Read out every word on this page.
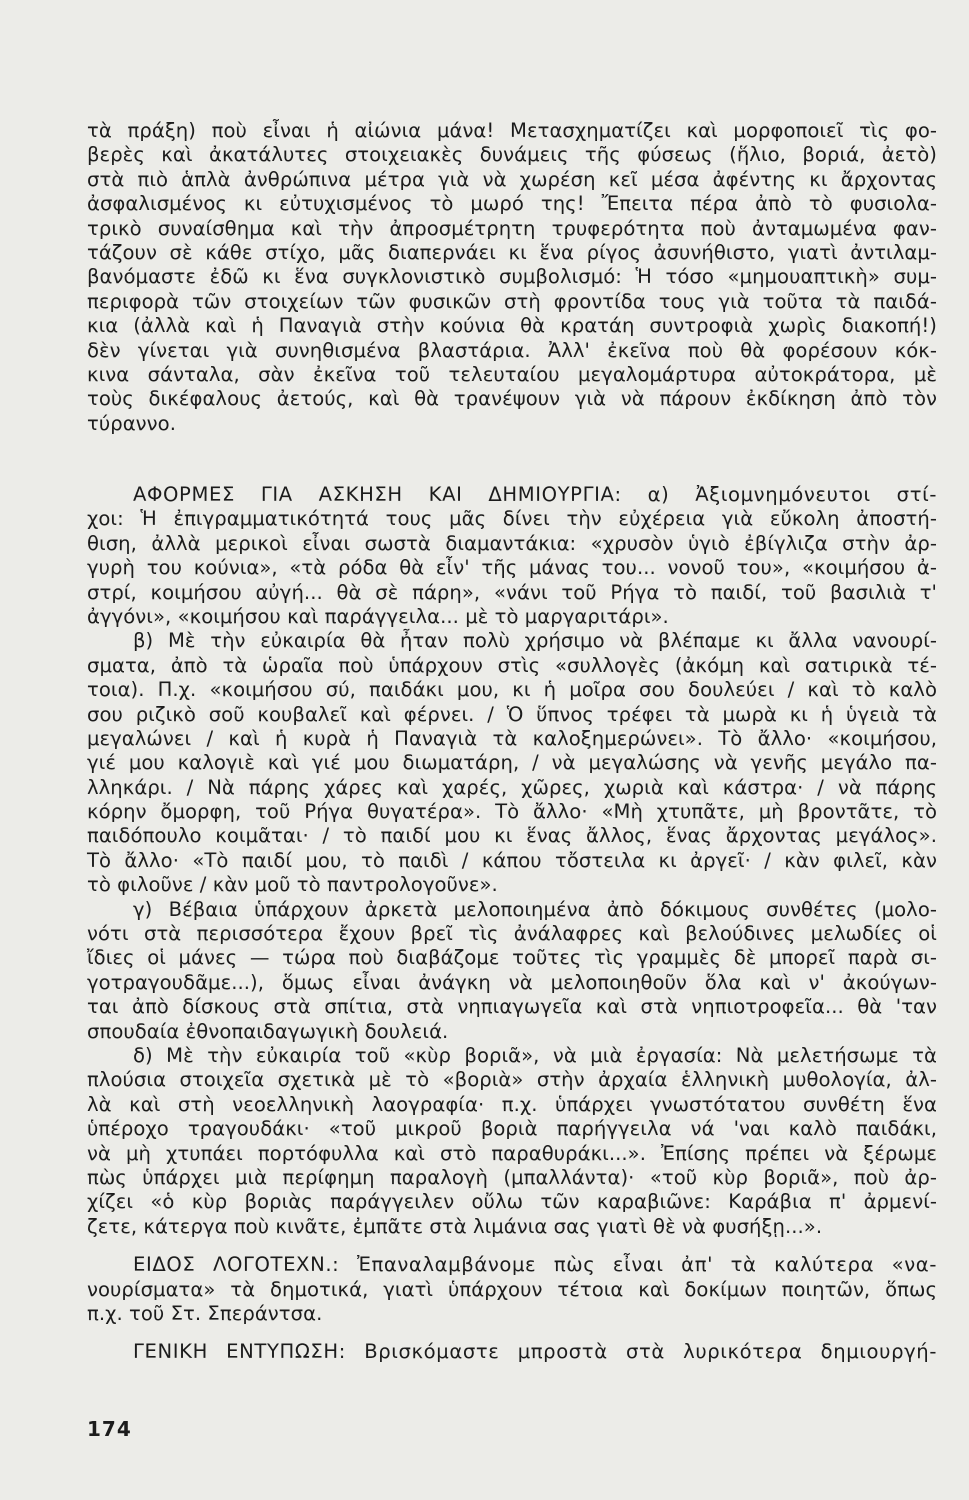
τὰ πράξη) ποὺ εἶναι ἡ αἰώνια μάνα! Μετασχηματίζει καὶ μορφοποιεῖ τὶς φο-
βερὲς καὶ ἀκατάλυτες στοιχειακὲς δυνάμεις τῆς φύσεως (ἥλιο, βοριά, ἀετὸ)
στὰ πιὸ ἁπλὰ ἀνθρώπινα μέτρα γιὰ νὰ χωρέση κεῖ μέσα ἀφέντης κι ἄρχοντας
ἀσφαλισμένος κι εὐτυχισμένος τὸ μωρό της! Ἔπειτα πέρα ἀπὸ τὸ φυσιολα-
τρικὸ συναίσθημα καὶ τὴν ἀπροσμέτρητη τρυφερότητα ποὺ ἀνταμωμένα φαν-
τάζουν σὲ κάθε στίχο, μᾶς διαπερνάει κι ἕνα ρίγος ἀσυνήθιστο, γιατὶ ἀντιλαμ-
βανόμαστε ἐδῶ κι ἕνα συγκλονιστικὸ συμβολισμό: Ἡ τόσο «μημουαπτικὴ» συμ-
περιφορὰ τῶν στοιχείων τῶν φυσικῶν στὴ φροντίδα τους γιὰ τοῦτα τὰ παιδά-
κια (ἀλλὰ καὶ ἡ Παναγιὰ στὴν κούνια θὰ κρατάη συντροφιὰ χωρὶς διακοπή!)
δὲν γίνεται γιὰ συνηθισμένα βλαστάρια. Ἀλλ' ἐκεῖνα ποὺ θὰ φορέσουν κόκ-
κινα σάνταλα, σὰν ἐκεῖνα τοῦ τελευταίου μεγαλομάρτυρα αὐτοκράτορα, μὲ
τοὺς δικέφαλους ἀετούς, καὶ θὰ τρανέψουν γιὰ νὰ πάρουν ἐκδίκηση ἀπὸ τὸν
τύραννο.
ΑΦΟΡΜΕΣ ΓΙΑ ΑΣΚΗΣΗ ΚΑΙ ΔΗΜΙΟΥΡΓΙΑ: α) Ἀξιομνημόνευτοι στί-
χοι: Ἡ ἐπιγραμματικότητά τους μᾶς δίνει τὴν εὐχέρεια γιὰ εὔκολη ἀποστή-
θιση, ἀλλὰ μερικοὶ εἶναι σωστὰ διαμαντάκια: «χρυσὸν ὑγιὸ ἐβίγλιζα στὴν ἀρ-
γυρὴ του κούνια», «τὰ ρόδα θὰ εἶν' τῆς μάνας του... νονοῦ του», «κοιμήσου ἀ-
στρί, κοιμήσου αὐγή... θὰ σὲ πάρη», «νάνι τοῦ Ρήγα τὸ παιδί, τοῦ βασιλιὰ τ'
ἀγγόνι», «κοιμήσου καὶ παράγγειλα... μὲ τὸ μαργαριτάρι».
β) Μὲ τὴν εὐκαιρία θὰ ἦταν πολὺ χρήσιμο νὰ βλέπαμε κι ἄλλα νανουρί-
σματα, ἀπὸ τὰ ὡραῖα ποὺ ὑπάρχουν στὶς «συλλογὲς (ἀκόμη καὶ σατιρικὰ τέ-
τοια). Π.χ. «κοιμήσου σύ, παιδάκι μου, κι ἡ μοῖρα σου δουλεύει / καὶ τὸ καλὸ
σου ριζικὸ σοῦ κουβαλεῖ καὶ φέρνει. / Ὁ ὕπνος τρέφει τὰ μωρὰ κι ἡ ὑγειὰ τὰ
μεγαλώνει / καὶ ἡ κυρὰ ἡ Παναγιὰ τὰ καλοξημερώνει». Τὸ ἄλλο· «κοιμήσου,
γιέ μου καλογιὲ καὶ γιέ μου διωματάρη, / νὰ μεγαλώσης νὰ γενῆς μεγάλο πα-
λληκάρι. / Νὰ πάρης χάρες καὶ χαρές, χῶρες, χωριὰ καὶ κάστρα· / νὰ πάρης
κόρην ὄμορφη, τοῦ Ρήγα θυγατέρα». Τὸ ἄλλο· «Μὴ χτυπᾶτε, μὴ βροντᾶτε, τὸ
παιδόπουλο κοιμᾶται· / τὸ παιδί μου κι ἕνας ἄλλος, ἕνας ἄρχοντας μεγάλος».
Τὸ ἄλλο· «Τὸ παιδί μου, τὸ παιδὶ / κάπου τὄστειλα κι ἀργεῖ· / κὰν φιλεῖ, κὰν
τὸ φιλοῦνε / κὰν μοῦ τὸ παντρολογοῦνε».
γ) Βέβαια ὑπάρχουν ἀρκετὰ μελοποιημένα ἀπὸ δόκιμους συνθέτες (μολο-
νότι στὰ περισσότερα ἔχουν βρεῖ τὶς ἀνάλαφρες καὶ βελούδινες μελωδίες οἱ
ἴδιες οἱ μάνες — τώρα ποὺ διαβάζομε τοῦτες τὶς γραμμὲς δὲ μπορεῖ παρὰ σι-
γοτραγουδᾶμε...), ὅμως εἶναι ἀνάγκη νὰ μελοποιηθοῦν ὅλα καὶ ν' ἀκούγων-
ται ἀπὸ δίσκους στὰ σπίτια, στὰ νηπιαγωγεῖα καὶ στὰ νηπιοτροφεῖα... θὰ 'ταν
σπουδαία ἐθνοπαιδαγωγικὴ δουλειά.
δ) Μὲ τὴν εὐκαιρία τοῦ «κὺρ βοριᾶ», νὰ μιὰ ἐργασία: Νὰ μελετήσωμε τὰ
πλούσια στοιχεῖα σχετικὰ μὲ τὸ «βοριὰ» στὴν ἀρχαία ἑλληνικὴ μυθολογία, ἀλ-
λὰ καὶ στὴ νεοελληνικὴ λαογραφία· π.χ. ὑπάρχει γνωστότατου συνθέτη ἕνα
ὑπέροχο τραγουδάκι· «τοῦ μικροῦ βοριὰ παρήγγειλα νά 'ναι καλὸ παιδάκι,
νὰ μὴ χτυπάει πορτόφυλλα καὶ στὸ παραθυράκι...». Ἐπίσης πρέπει νὰ ξέρωμε
πὼς ὑπάρχει μιὰ περίφημη παραλογὴ (μπαλλάντα)· «τοῦ κὺρ βοριᾶ», ποὺ ἀρ-
χίζει «ὁ κὺρ βοριὰς παράγγειλεν οὔλω τῶν καραβιῶνε: Καράβια π' ἀρμενί-
ζετε, κάτεργα ποὺ κινᾶτε, ἐμπᾶτε στὰ λιμάνια σας γιατὶ θὲ νὰ φυσήξῃ...».
ΕΙΔΟΣ ΛΟΓΟΤΕΧΝ.: Ἐπαναλαμβάνομε πὼς εἶναι ἀπ' τὰ καλύτερα «να-
νουρίσματα» τὰ δημοτικά, γιατὶ ὑπάρχουν τέτοια καὶ δοκίμων ποιητῶν, ὅπως
π.χ. τοῦ Στ. Σπεράντσα.
ΓΕΝΙΚΗ ΕΝΤΥΠΩΣΗ: Βρισκόμαστε μπροστὰ στὰ λυρικότερα δημιουργή-
174
